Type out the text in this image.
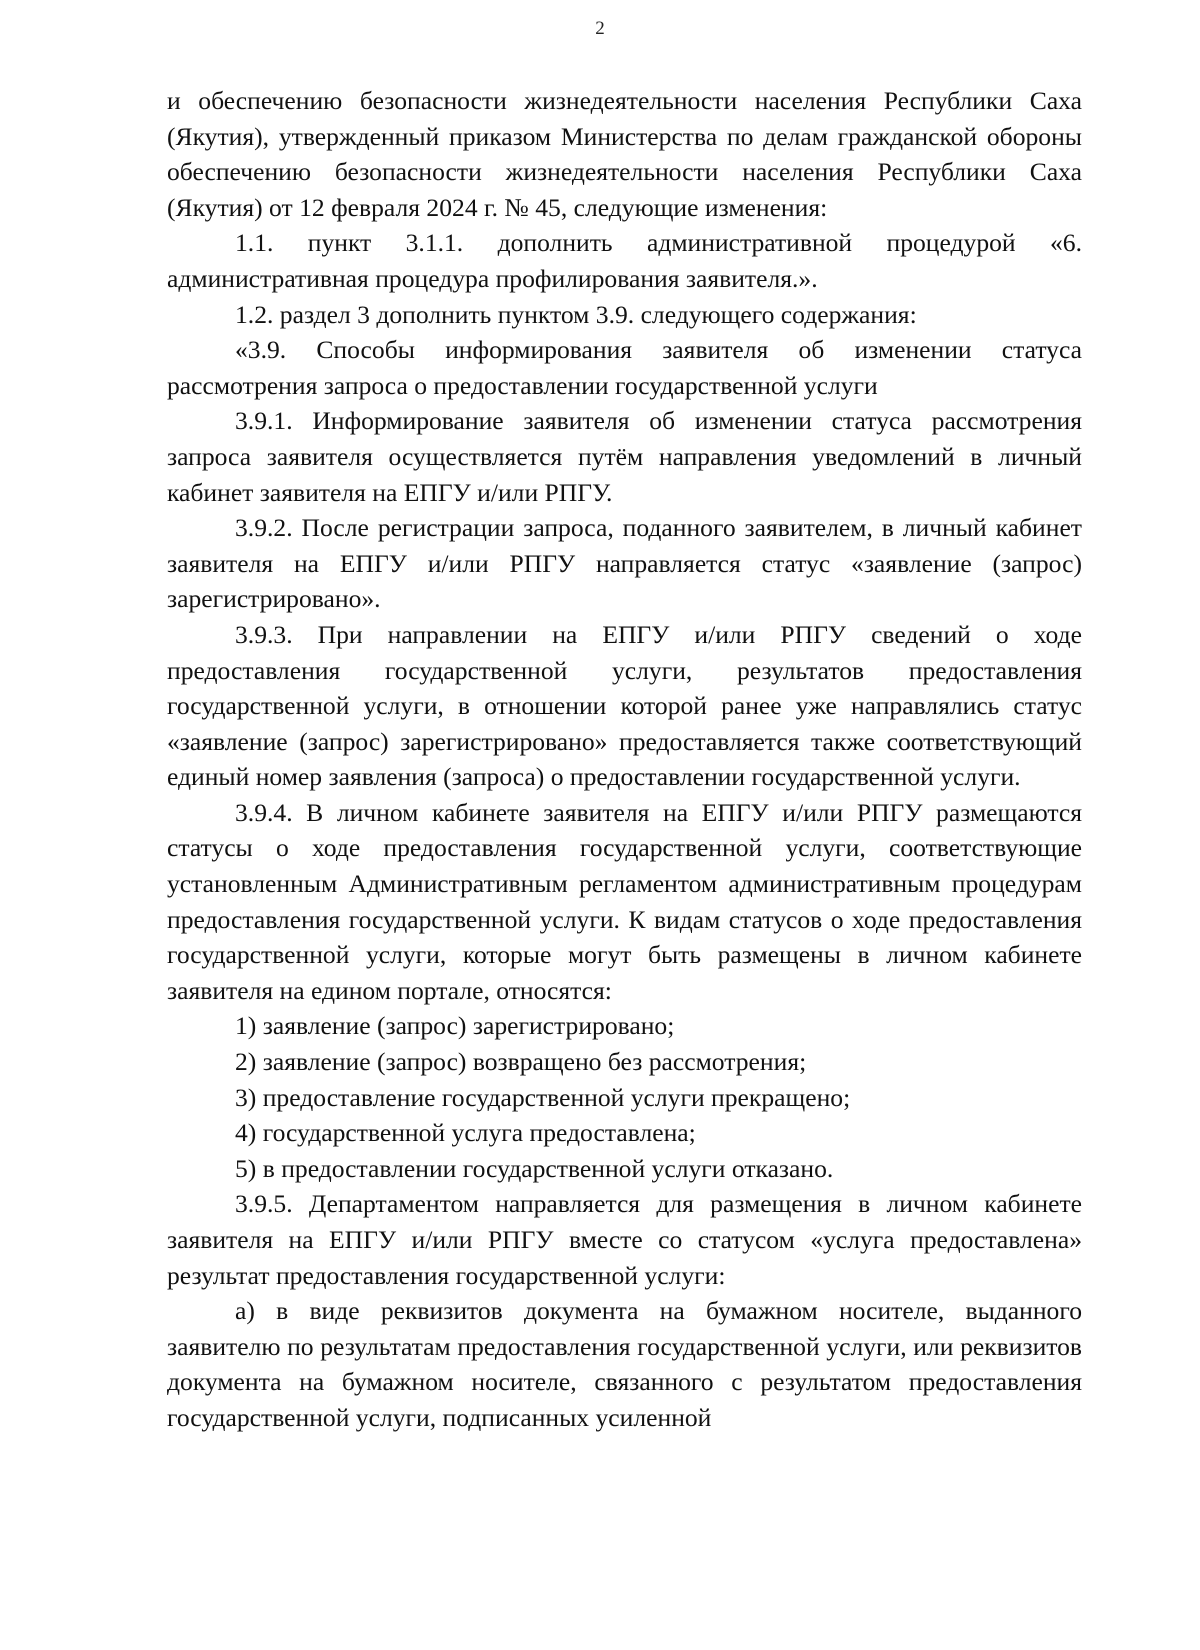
2

и обеспечению безопасности жизнедеятельности населения Республики Саха (Якутия), утвержденный приказом Министерства по делам гражданской обороны обеспечению безопасности жизнедеятельности населения Республики Саха (Якутия) от 12 февраля 2024 г. № 45, следующие изменения:

1.1. пункт 3.1.1. дополнить административной процедурой «6. административная процедура профилирования заявителя.».

1.2. раздел 3 дополнить пунктом 3.9. следующего содержания:

«3.9. Способы информирования заявителя об изменении статуса рассмотрения запроса о предоставлении государственной услуги

3.9.1. Информирование заявителя об изменении статуса рассмотрения запроса заявителя осуществляется путём направления уведомлений в личный кабинет заявителя на ЕПГУ и/или РПГУ.

3.9.2. После регистрации запроса, поданного заявителем, в личный кабинет заявителя на ЕПГУ и/или РПГУ направляется статус «заявление (запрос) зарегистрировано».

3.9.3. При направлении на ЕПГУ и/или РПГУ сведений о ходе предоставления государственной услуги, результатов предоставления государственной услуги, в отношении которой ранее уже направлялись статус «заявление (запрос) зарегистрировано» предоставляется также соответствующий единый номер заявления (запроса) о предоставлении государственной услуги.

3.9.4. В личном кабинете заявителя на ЕПГУ и/или РПГУ размещаются статусы о ходе предоставления государственной услуги, соответствующие установленным Административным регламентом административным процедурам предоставления государственной услуги. К видам статусов о ходе предоставления государственной услуги, которые могут быть размещены в личном кабинете заявителя на едином портале, относятся:

1) заявление (запрос) зарегистрировано;

2) заявление (запрос) возвращено без рассмотрения;

3) предоставление государственной услуги прекращено;

4) государственной услуга предоставлена;

5) в предоставлении государственной услуги отказано.

3.9.5. Департаментом направляется для размещения в личном кабинете заявителя на ЕПГУ и/или РПГУ вместе со статусом «услуга предоставлена» результат предоставления государственной услуги:

а) в виде реквизитов документа на бумажном носителе, выданного заявителю по результатам предоставления государственной услуги, или реквизитов документа на бумажном носителе, связанного с результатом предоставления государственной услуги, подписанных усиленной
